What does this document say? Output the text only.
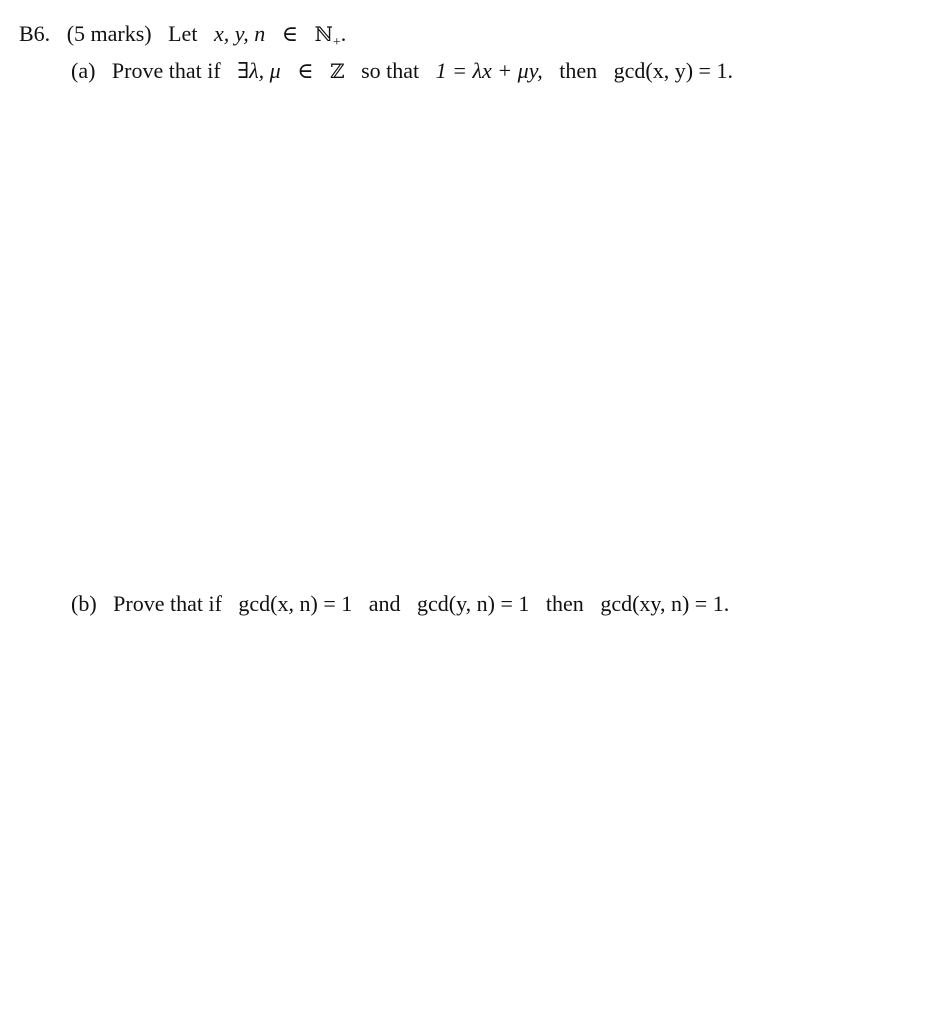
B6. (5 marks) Let x, y, n ∈ ℕ$_+$.
(a) Prove that if ∃λ, μ ∈ ℤ so that 1 = λx + μy, then gcd(x, y) = 1.
(b) Prove that if gcd(x, n) = 1 and gcd(y, n) = 1 then gcd(xy, n) = 1.
